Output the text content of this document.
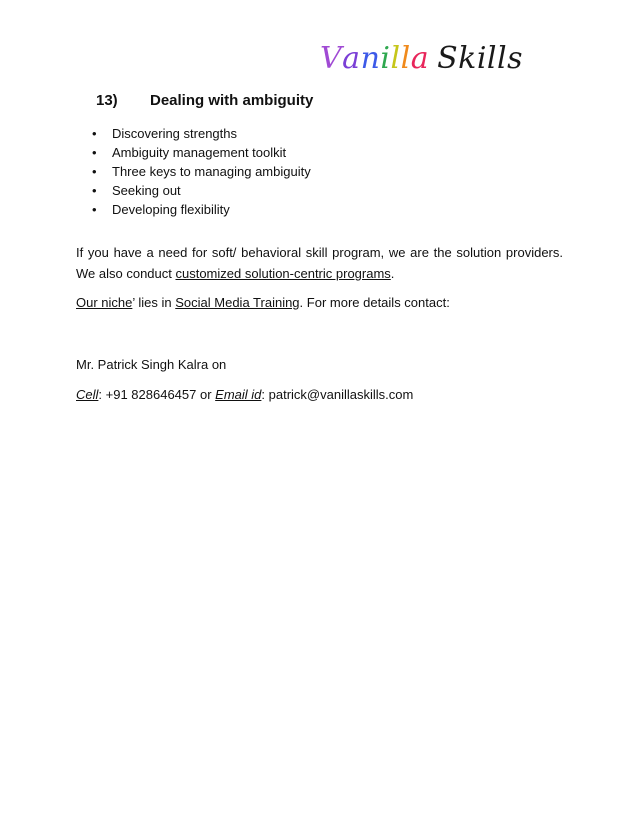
Vanilla Skills
13) Dealing with ambiguity
• Discovering strengths
• Ambiguity management toolkit
• Three keys to managing ambiguity
• Seeking out
• Developing flexibility

If you have a need for soft/ behavioral skill program, we are the solution providers. We also conduct customized solution-centric programs.

Our niche’ lies in Social Media Training. For more details contact:

Mr. Patrick Singh Kalra on

Cell: +91 828646457 or Email id: patrick@vanillaskills.com
